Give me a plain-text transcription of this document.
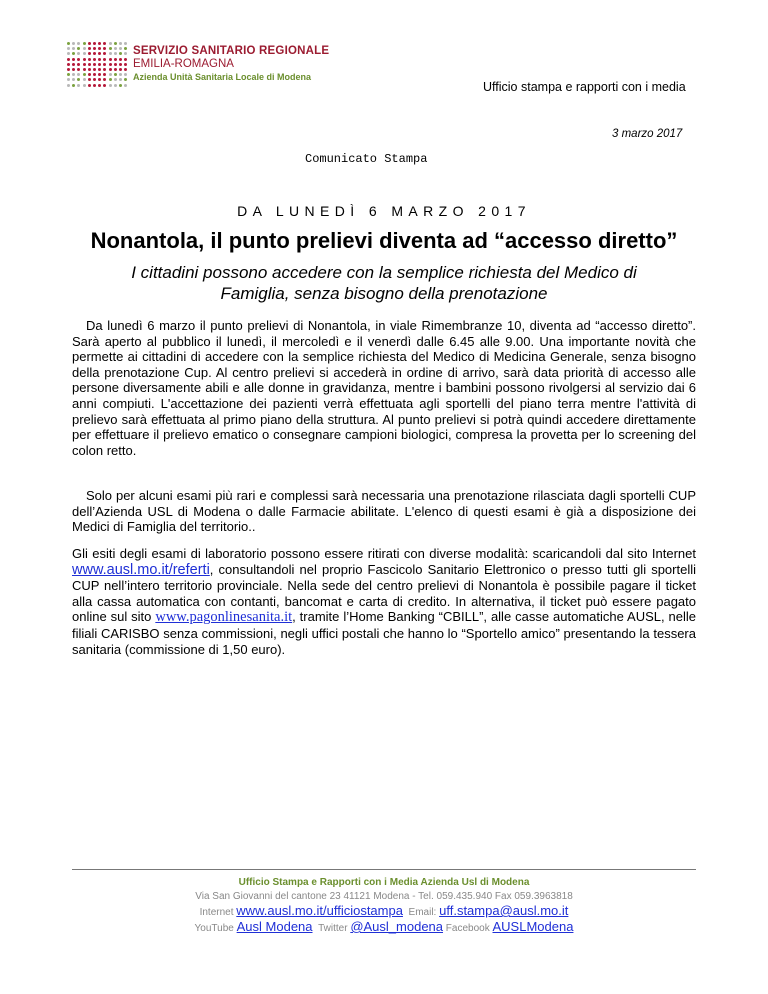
SERVIZIO SANITARIO REGIONALE
EMILIA-ROMAGNA
Azienda Unità Sanitaria Locale di Modena
Ufficio stampa e rapporti con i media
3 marzo 2017
Comunicato Stampa
DA LUNEDÌ 6 MARZO 2017
Nonantola, il punto prelievi diventa ad “accesso diretto”
I cittadini possono accedere con la semplice richiesta del Medico di Famiglia, senza bisogno della prenotazione
Da lunedì 6 marzo il punto prelievi di Nonantola, in viale Rimembranze 10, diventa ad “accesso diretto”. Sarà aperto al pubblico il lunedì, il mercoledì e il venerdì dalle 6.45 alle 9.00. Una importante novità che permette ai cittadini di accedere con la semplice richiesta del Medico di Medicina Generale, senza bisogno della prenotazione Cup. Al centro prelievi si accederà in ordine di arrivo, sarà data priorità di accesso alle persone diversamente abili e alle donne in gravidanza, mentre i bambini possono rivolgersi al servizio dai 6 anni compiuti. L'accettazione dei pazienti verrà effettuata agli sportelli del piano terra mentre l'attività di prelievo sarà effettuata al primo piano della struttura. Al punto prelievi si potrà quindi accedere direttamente per effettuare il prelievo ematico o consegnare campioni biologici, compresa la provetta per lo screening del colon retto.
Solo per alcuni esami più rari e complessi sarà necessaria una prenotazione rilasciata dagli sportelli CUP dell’Azienda USL di Modena o dalle Farmacie abilitate. L'elenco di questi esami è già a disposizione dei Medici di Famiglia del territorio..
Gli esiti degli esami di laboratorio possono essere ritirati con diverse modalità: scaricandoli dal sito Internet www.ausl.mo.it/referti, consultandoli nel proprio Fascicolo Sanitario Elettronico o presso tutti gli sportelli CUP nell’intero territorio provinciale. Nella sede del centro prelievi di Nonantola è possibile pagare il ticket alla cassa automatica con contanti, bancomat e carta di credito. In alternativa, il ticket può essere pagato online sul sito www.pagonlinesanita.it, tramite l’Home Banking “CBILL”, alle casse automatiche AUSL, nelle filiali CARISBO senza commissioni, negli uffici postali che hanno lo “Sportello amico” presentando la tessera sanitaria (commissione di 1,50 euro).
Ufficio Stampa e Rapporti con i Media Azienda Usl di Modena
Via San Giovanni del cantone 23 41121 Modena - Tel. 059.435.940 Fax 059.3963818
Internet www.ausl.mo.it/ufficiostampa Email: uff.stampa@ausl.mo.it
YouTube Ausl Modena Twitter @Ausl_modena Facebook AUSLModena
